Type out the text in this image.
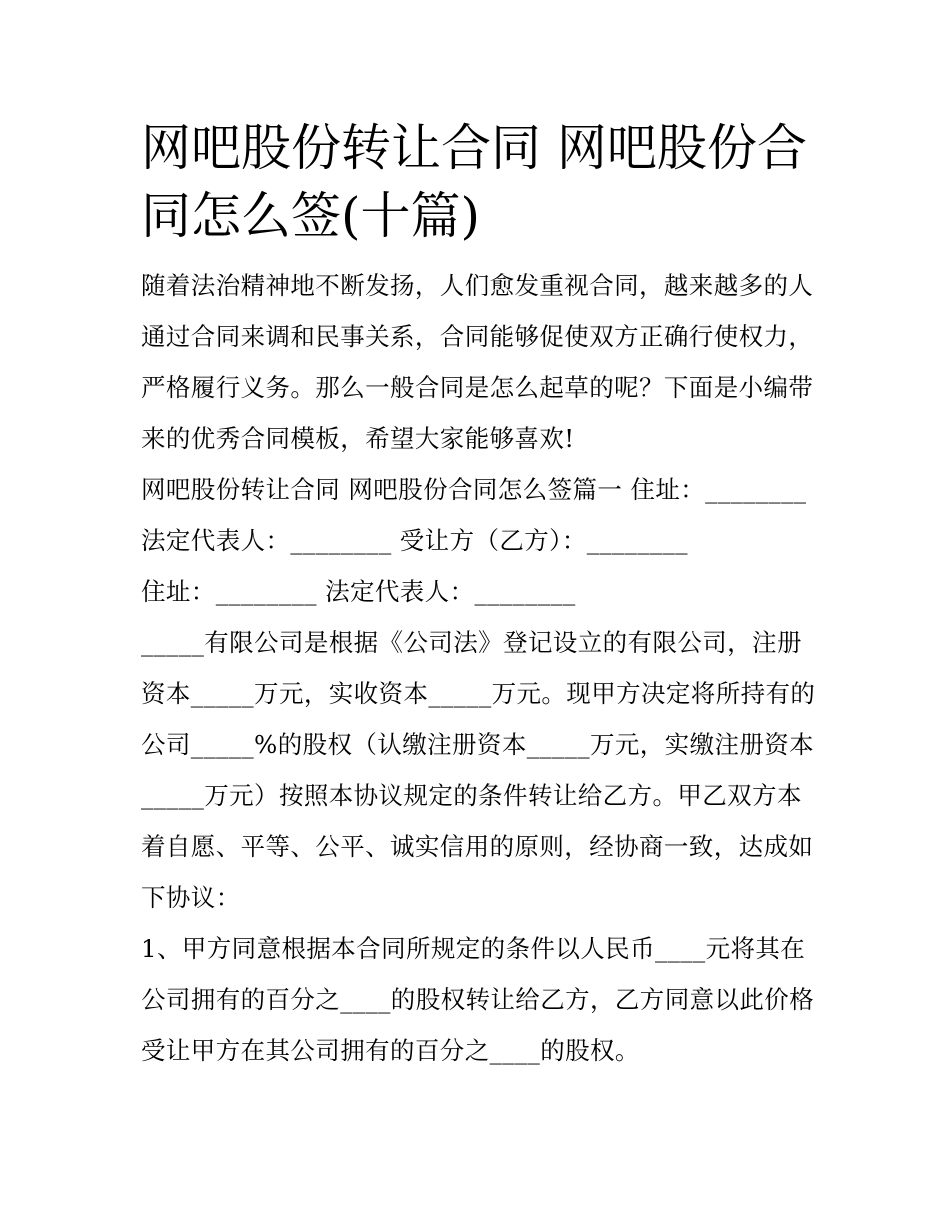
网吧股份转让合同 网吧股份合
同怎么签(十篇)
随着法治精神地不断发扬，人们愈发重视合同，越来越多的人
通过合同来调和民事关系，合同能够促使双方正确行使权力，
严格履行义务。那么一般合同是怎么起草的呢？下面是小编带
来的优秀合同模板，希望大家能够喜欢!
网吧股份转让合同 网吧股份合同怎么签篇一 住址：________
法定代表人：________ 受让方（乙方）：________
住址：________ 法定代表人：________
_____有限公司是根据《公司法》登记设立的有限公司，注册
资本_____万元，实收资本_____万元。现甲方决定将所持有的
公司_____%的股权（认缴注册资本_____万元，实缴注册资本
_____万元）按照本协议规定的条件转让给乙方。甲乙双方本
着自愿、平等、公平、诚实信用的原则，经协商一致，达成如
下协议：
1、甲方同意根据本合同所规定的条件以人民币____元将其在
公司拥有的百分之____的股权转让给乙方，乙方同意以此价格
受让甲方在其公司拥有的百分之____的股权。
